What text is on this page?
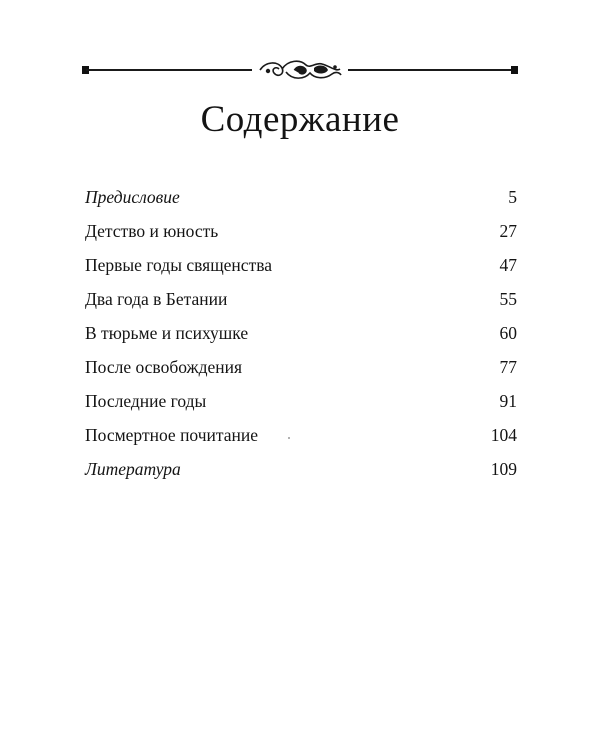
Содержание
Предисловие	5
Детство и юность	27
Первые годы священства	47
Два года в Бетании	55
В тюрьме и психушке	60
После освобождения	77
Последние годы	91
Посмертное почитание	104
Литература	109
